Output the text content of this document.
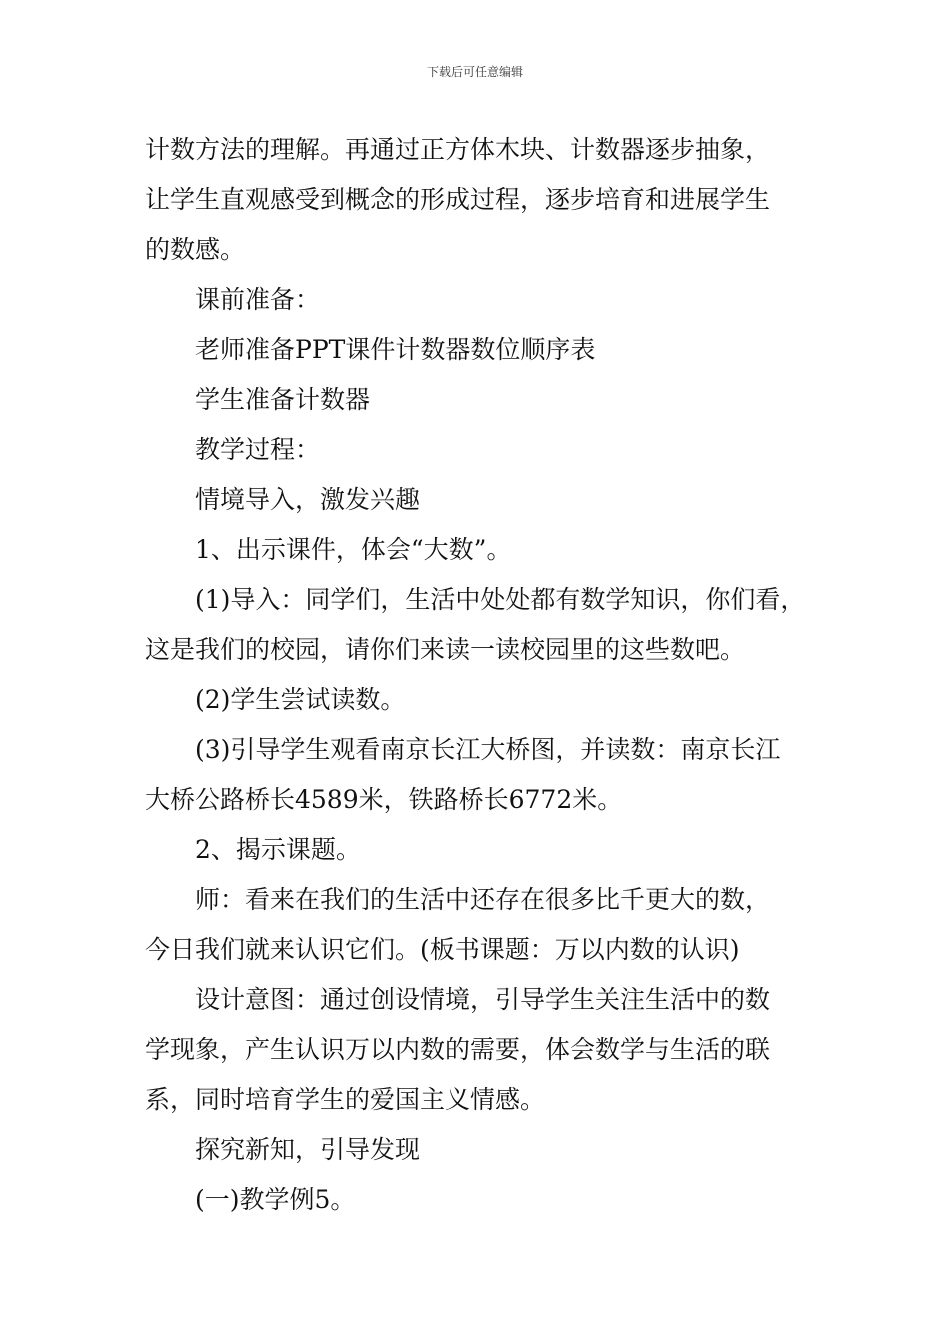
下载后可任意编辑
计数方法的理解。再通过正方体木块、计数器逐步抽象，
让学生直观感受到概念的形成过程，逐步培育和进展学生
的数感。
课前准备：
老师准备PPT课件计数器数位顺序表
学生准备计数器
教学过程：
情境导入，激发兴趣
1、出示课件，体会“大数”。
(1)导入：同学们，生活中处处都有数学知识，你们看，
这是我们的校园，请你们来读一读校园里的这些数吧。
(2)学生尝试读数。
(3)引导学生观看南京长江大桥图，并读数：南京长江
大桥公路桥长4589米，铁路桥长6772米。
2、揭示课题。
师：看来在我们的生活中还存在很多比千更大的数，
今日我们就来认识它们。(板书课题：万以内数的认识)
设计意图：通过创设情境，引导学生关注生活中的数
学现象，产生认识万以内数的需要，体会数学与生活的联
系，同时培育学生的爱国主义情感。
探究新知，引导发现
(一)教学例5。
